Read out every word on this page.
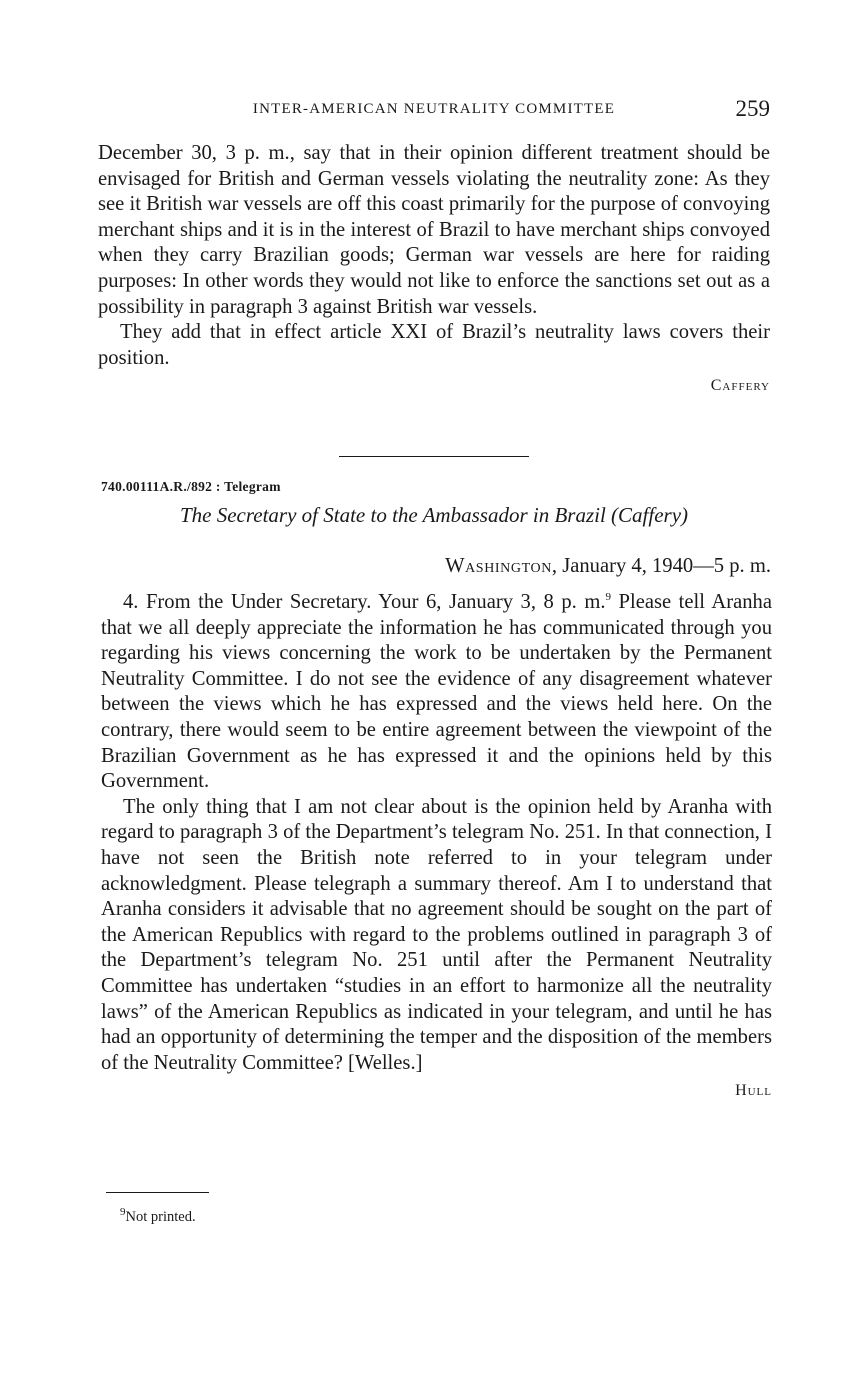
INTER-AMERICAN NEUTRALITY COMMITTEE	259

December 30, 3 p. m., say that in their opinion different treatment should be envisaged for British and German vessels violating the neutrality zone: As they see it British war vessels are off this coast primarily for the purpose of convoying merchant ships and it is in the interest of Brazil to have merchant ships convoyed when they carry Brazilian goods; German war vessels are here for raiding purposes: In other words they would not like to enforce the sanctions set out as a possibility in paragraph 3 against British war vessels.

They add that in effect article XXI of Brazil’s neutrality laws covers their position.

Caffery

740.00111A.R./892 : Telegram
The Secretary of State to the Ambassador in Brazil (Caffery)
Washington, January 4, 1940—5 p. m.

4. From the Under Secretary. Your 6, January 3, 8 p. m.$^9$ Please tell Aranha that we all deeply appreciate the information he has communicated through you regarding his views concerning the work to be undertaken by the Permanent Neutrality Committee. I do not see the evidence of any disagreement whatever between the views which he has expressed and the views held here. On the contrary, there would seem to be entire agreement between the viewpoint of the Brazilian Government as he has expressed it and the opinions held by this Government.

The only thing that I am not clear about is the opinion held by Aranha with regard to paragraph 3 of the Department’s telegram No. 251. In that connection, I have not seen the British note referred to in your telegram under acknowledgment. Please telegraph a summary thereof. Am I to understand that Aranha considers it advisable that no agreement should be sought on the part of the American Republics with regard to the problems outlined in paragraph 3 of the Department’s telegram No. 251 until after the Permanent Neutrality Committee has undertaken “studies in an effort to harmonize all the neutrality laws” of the American Republics as indicated in your telegram, and until he has had an opportunity of determining the temper and the disposition of the members of the Neutrality Committee? [Welles.]

Hull

$^9$Not printed.
